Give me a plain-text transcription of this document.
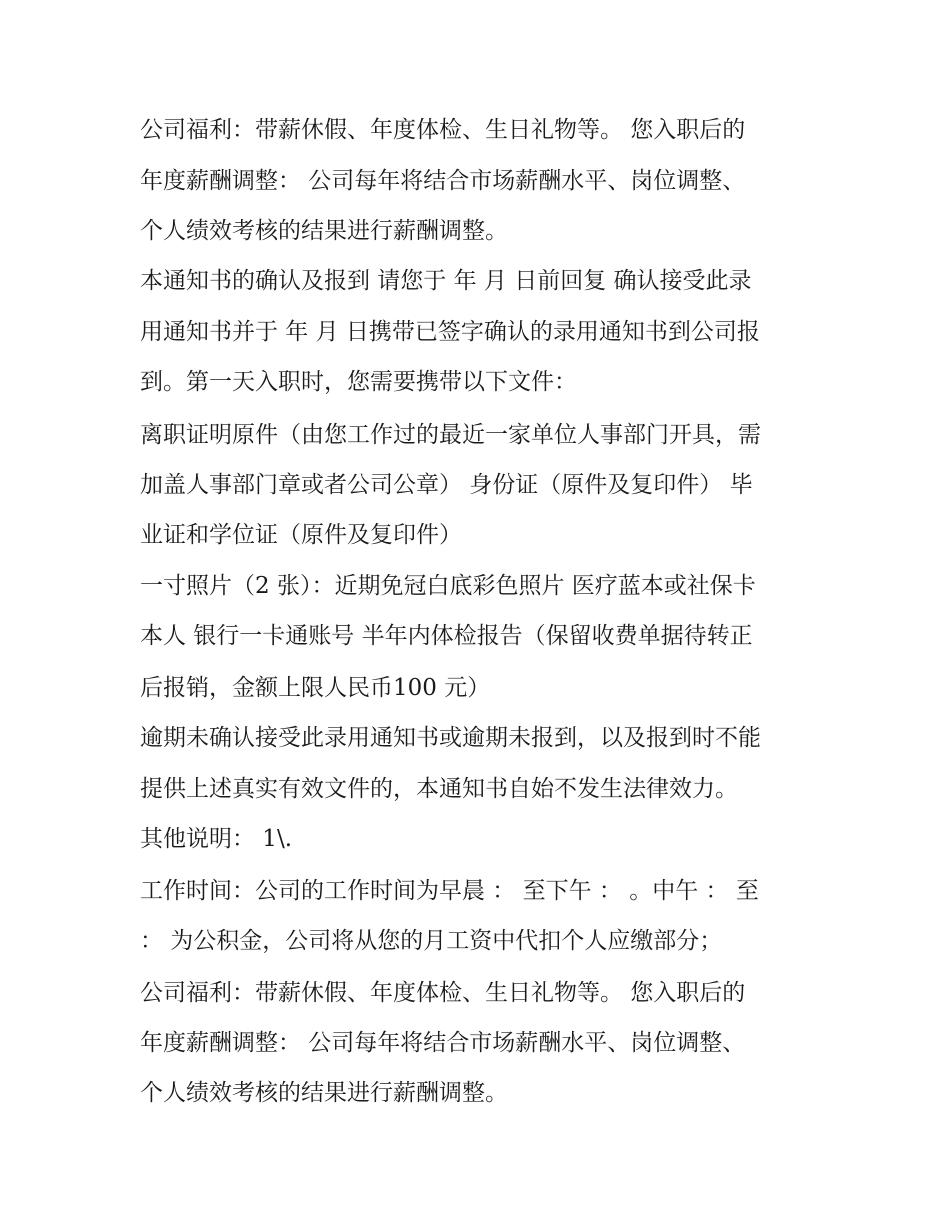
公司福利：带薪休假、年度体检、生日礼物等。 您入职后的
年度薪酬调整： 公司每年将结合市场薪酬水平、岗位调整、
个人绩效考核的结果进行薪酬调整。
本通知书的确认及报到 请您于 年 月 日前回复 确认接受此录
用通知书并于 年 月 日携带已签字确认的录用通知书到公司报
到。第一天入职时，您需要携带以下文件：
离职证明原件（由您工作过的最近一家单位人事部门开具，需
加盖人事部门章或者公司公章） 身份证（原件及复印件） 毕
业证和学位证（原件及复印件）
一寸照片（2 张）：近期免冠白底彩色照片 医疗蓝本或社保卡
本人 银行一卡通账号 半年内体检报告（保留收费单据待转正
后报销，金额上限人民币100 元）
逾期未确认接受此录用通知书或逾期未报到，以及报到时不能
提供上述真实有效文件的，本通知书自始不发生法律效力。
其他说明： 1\.
工作时间：公司的工作时间为早晨 ： 至下午 ： 。中午 ： 至
： 为公积金，公司将从您的月工资中代扣个人应缴部分；
公司福利：带薪休假、年度体检、生日礼物等。 您入职后的
年度薪酬调整： 公司每年将结合市场薪酬水平、岗位调整、
个人绩效考核的结果进行薪酬调整。
